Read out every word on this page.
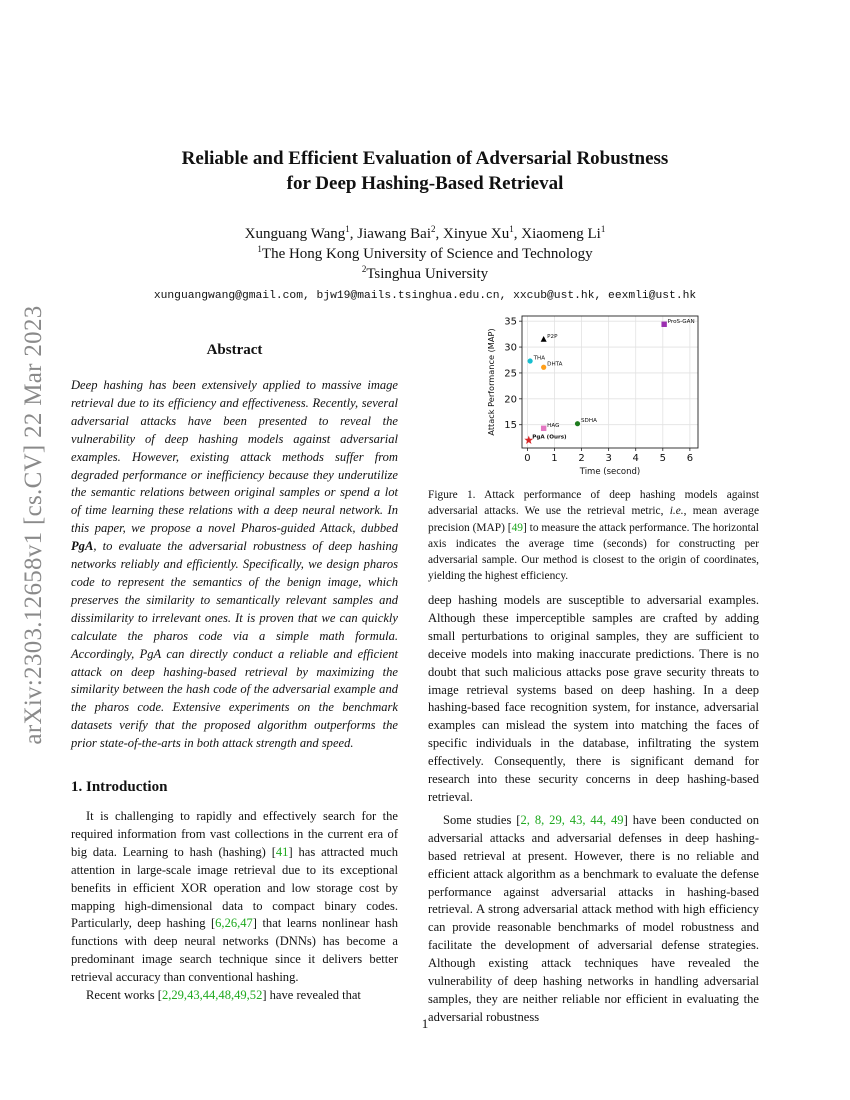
Reliable and Efficient Evaluation of Adversarial Robustness
for Deep Hashing-Based Retrieval
Xunguang Wang$^1$, Jiawang Bai$^2$, Xinyue Xu$^1$, Xiaomeng Li$^1$
$^1$The Hong Kong University of Science and Technology
$^2$Tsinghua University
xunguangwang@gmail.com, bjw19@mails.tsinghua.edu.cn, xxcub@ust.hk, eexmli@ust.hk
arXiv:2303.12658v1 [cs.CV] 22 Mar 2023	Abstract
Deep hashing has been extensively applied to massive image retrieval due to its efficiency and effectiveness. Recently, several adversarial attacks have been presented to reveal the vulnerability of deep hashing models against adversarial examples. However, existing attack methods suffer from degraded performance or inefficiency because they underutilize the semantic relations between original samples or spend a lot of time learning these relations with a deep neural network. In this paper, we propose a novel Pharos-guided Attack, dubbed PgA, to evaluate the adversarial robustness of deep hashing networks reliably and efficiently. Specifically, we design pharos code to represent the semantics of the benign image, which preserves the similarity to semantically relevant samples and dissimilarity to irrelevant ones. It is proven that we can quickly calculate the pharos code via a simple math formula. Accordingly, PgA can directly conduct a reliable and efficient attack on deep hashing-based retrieval by maximizing the similarity between the hash code of the adversarial example and the pharos code. Extensive experiments on the benchmark datasets verify that the proposed algorithm outperforms the prior state-of-the-arts in both attack strength and speed.
1. Introduction

It is challenging to rapidly and effectively search for the required information from vast collections in the current era of big data. Learning to hash (hashing) [41] has attracted much attention in large-scale image retrieval due to its exceptional benefits in efficient XOR operation and low storage cost by mapping high-dimensional data to compact binary codes. Particularly, deep hashing [6,26,47] that learns nonlinear hash functions with deep neural networks (DNNs) has become a predominant image search technique since it delivers better retrieval accuracy than conventional hashing.

Recent works [2,29,43,44,48,49,52] have revealed that

0 1 2 3 4 5 6
15
20
25
30
35
Time (second)
Attack Performance (MAP)	P2P
THA
DHTA
ProS-GAN
SDHA
HAG
PgA (Ours)
Figure 1. Attack performance of deep hashing models against adversarial attacks. We use the retrieval metric, i.e., mean average precision (MAP) [49] to measure the attack performance. The horizontal axis indicates the average time (seconds) for constructing per adversarial sample. Our method is closest to the origin of coordinates, yielding the highest efficiency.

deep hashing models are susceptible to adversarial examples. Although these imperceptible samples are crafted by adding small perturbations to original samples, they are sufficient to deceive models into making inaccurate predictions. There is no doubt that such malicious attacks pose grave security threats to image retrieval systems based on deep hashing. In a deep hashing-based face recognition system, for instance, adversarial examples can mislead the system into matching the faces of specific individuals in the database, infiltrating the system effectively. Consequently, there is significant demand for research into these security concerns in deep hashing-based retrieval.

Some studies [2, 8, 29, 43, 44, 49] have been conducted on adversarial attacks and adversarial defenses in deep hashing-based retrieval at present. However, there is no reliable and efficient attack algorithm as a benchmark to evaluate the defense performance against adversarial attacks in hashing-based retrieval. A strong adversarial attack method with high efficiency can provide reasonable benchmarks of model robustness and facilitate the development of adversarial defense strategies. Although existing attack techniques have revealed the vulnerability of deep hashing networks in handling adversarial samples, they are neither reliable nor efficient in evaluating the adversarial robustness

1
